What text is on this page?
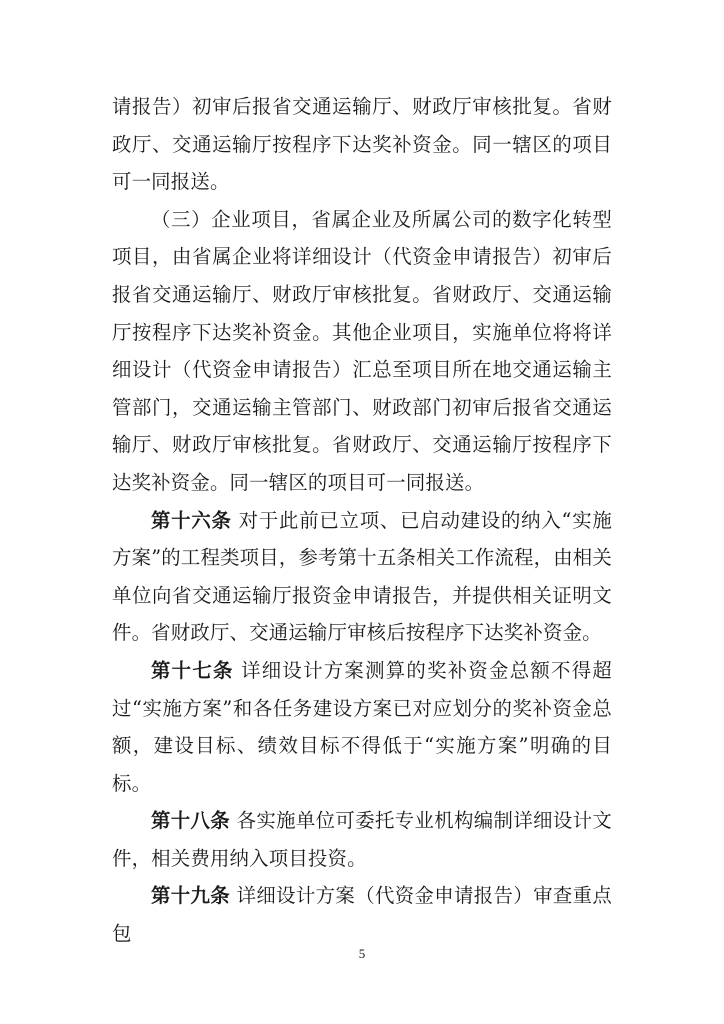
请报告）初审后报省交通运输厅、财政厅审核批复。省财政厅、交通运输厅按程序下达奖补资金。同一辖区的项目可一同报送。

（三）企业项目，省属企业及所属公司的数字化转型项目，由省属企业将详细设计（代资金申请报告）初审后报省交通运输厅、财政厅审核批复。省财政厅、交通运输厅按程序下达奖补资金。其他企业项目，实施单位将将详细设计（代资金申请报告）汇总至项目所在地交通运输主管部门，交通运输主管部门、财政部门初审后报省交通运输厅、财政厅审核批复。省财政厅、交通运输厅按程序下达奖补资金。同一辖区的项目可一同报送。

第十六条 对于此前已立项、已启动建设的纳入“实施方案”的工程类项目，参考第十五条相关工作流程，由相关单位向省交通运输厅报资金申请报告，并提供相关证明文件。省财政厅、交通运输厅审核后按程序下达奖补资金。

第十七条 详细设计方案测算的奖补资金总额不得超过“实施方案”和各任务建设方案已对应划分的奖补资金总额，建设目标、绩效目标不得低于“实施方案”明确的目标。

第十八条 各实施单位可委托专业机构编制详细设计文件，相关费用纳入项目投资。

第十九条 详细设计方案（代资金申请报告）审查重点包

5
